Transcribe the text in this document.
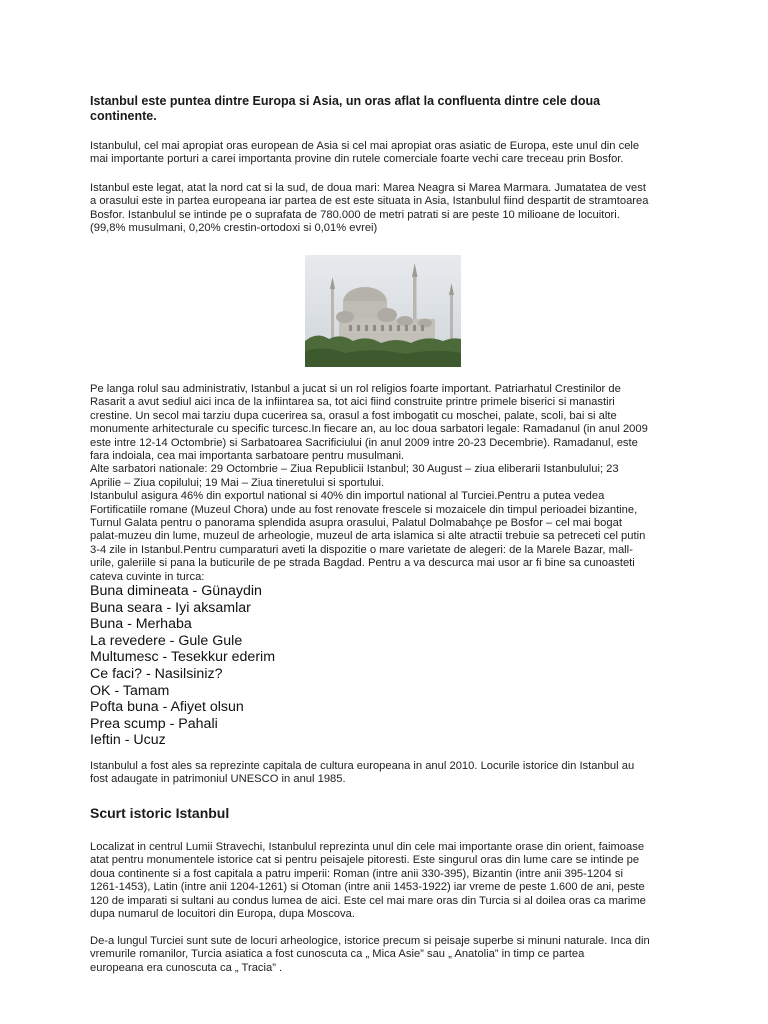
Istanbul este puntea dintre Europa si Asia, un oras aflat la confluenta dintre cele doua
continente.

Istanbulul, cel mai apropiat oras european de Asia si cel mai apropiat oras asiatic de Europa, este unul din cele
mai importante porturi a carei importanta provine din rutele comerciale foarte vechi care treceau prin Bosfor.

Istanbul este legat, atat la nord cat si la sud, de doua mari: Marea Neagra si Marea Marmara. Jumatatea de vest
a orasului este in partea europeana iar partea de est este situata in Asia, Istanbulul fiind despartit de stramtoarea
Bosfor. Istanbulul se intinde pe o suprafata de 780.000 de metri patrati si are peste 10 milioane de locuitori.
(99,8% musulmani, 0,20% crestin-ortodoxi si 0,01% evrei)

Pe langa rolul sau administrativ, Istanbul a jucat si un rol religios foarte important. Patriarhatul Crestinilor de
Rasarit a avut sediul aici inca de la infiintarea sa, tot aici fiind construite printre primele biserici si manastiri
crestine. Un secol mai tarziu dupa cucerirea sa, orasul a fost imbogatit cu moschei, palate, scoli, bai si alte
monumente arhitecturale cu specific turcesc.In fiecare an, au loc doua sarbatori legale: Ramadanul (in anul 2009
este intre 12-14 Octombrie) si Sarbatoarea Sacrificiului (in anul 2009 intre 20-23 Decembrie). Ramadanul, este
fara indoiala, cea mai importanta sarbatoare pentru musulmani.
Alte sarbatori nationale: 29 Octombrie – Ziua Republicii Istanbul; 30 August – ziua eliberarii Istanbulului; 23
Aprilie – Ziua copilului; 19 Mai – Ziua tineretului si sportului.
Istanbulul asigura 46% din exportul national si 40% din importul national al Turciei.Pentru a putea vedea
Fortificatiile romane (Muzeul Chora) unde au fost renovate frescele si mozaicele din timpul perioadei bizantine,
Turnul Galata pentru o panorama splendida asupra orasului, Palatul Dolmabahçe pe Bosfor – cel mai bogat
palat-muzeu din lume, muzeul de arheologie, muzeul de arta islamica si alte atractii trebuie sa petreceti cel putin
3-4 zile in Istanbul.Pentru cumparaturi aveti la dispozitie o mare varietate de alegeri: de la Marele Bazar, mall-
urile, galeriile si pana la buticurile de pe strada Bagdad. Pentru a va descurca mai usor ar fi bine sa cunoasteti
cateva cuvinte in turca:

Buna dimineata - Günaydin
Buna seara - Iyi aksamlar
Buna - Merhaba
La revedere - Gule Gule
Multumesc - Tesekkur ederim
Ce faci? - Nasilsiniz?
OK - Tamam
Pofta buna - Afiyet olsun
Prea scump - Pahali
Ieftin - Ucuz

Istanbulul a fost ales sa reprezinte capitala de cultura europeana in anul 2010. Locurile istorice din Istanbul au
fost adaugate in patrimoniul UNESCO in anul 1985.

Scurt istoric Istanbul

Localizat in centrul Lumii Stravechi, Istanbulul reprezinta unul din cele mai importante orase din orient, faimoase
atat pentru monumentele istorice cat si pentru peisajele pitoresti. Este singurul oras din lume care se intinde pe
doua continente si a fost capitala a patru imperii: Roman (intre anii 330-395), Bizantin (intre anii 395-1204 si
1261-1453), Latin (intre anii 1204-1261) si Otoman (intre anii 1453-1922) iar vreme de peste 1.600 de ani, peste
120 de imparati si sultani au condus lumea de aici. Este cel mai mare oras din Turcia si al doilea oras ca marime
dupa numarul de locuitori din Europa, dupa Moscova.

De-a lungul Turciei sunt sute de locuri arheologice, istorice precum si peisaje superbe si minuni naturale. Inca din
vremurile romanilor, Turcia asiatica a fost cunoscuta ca „ Mica Asie” sau „ Anatolia” in timp ce partea
europeana era cunoscuta ca „ Tracia” .
